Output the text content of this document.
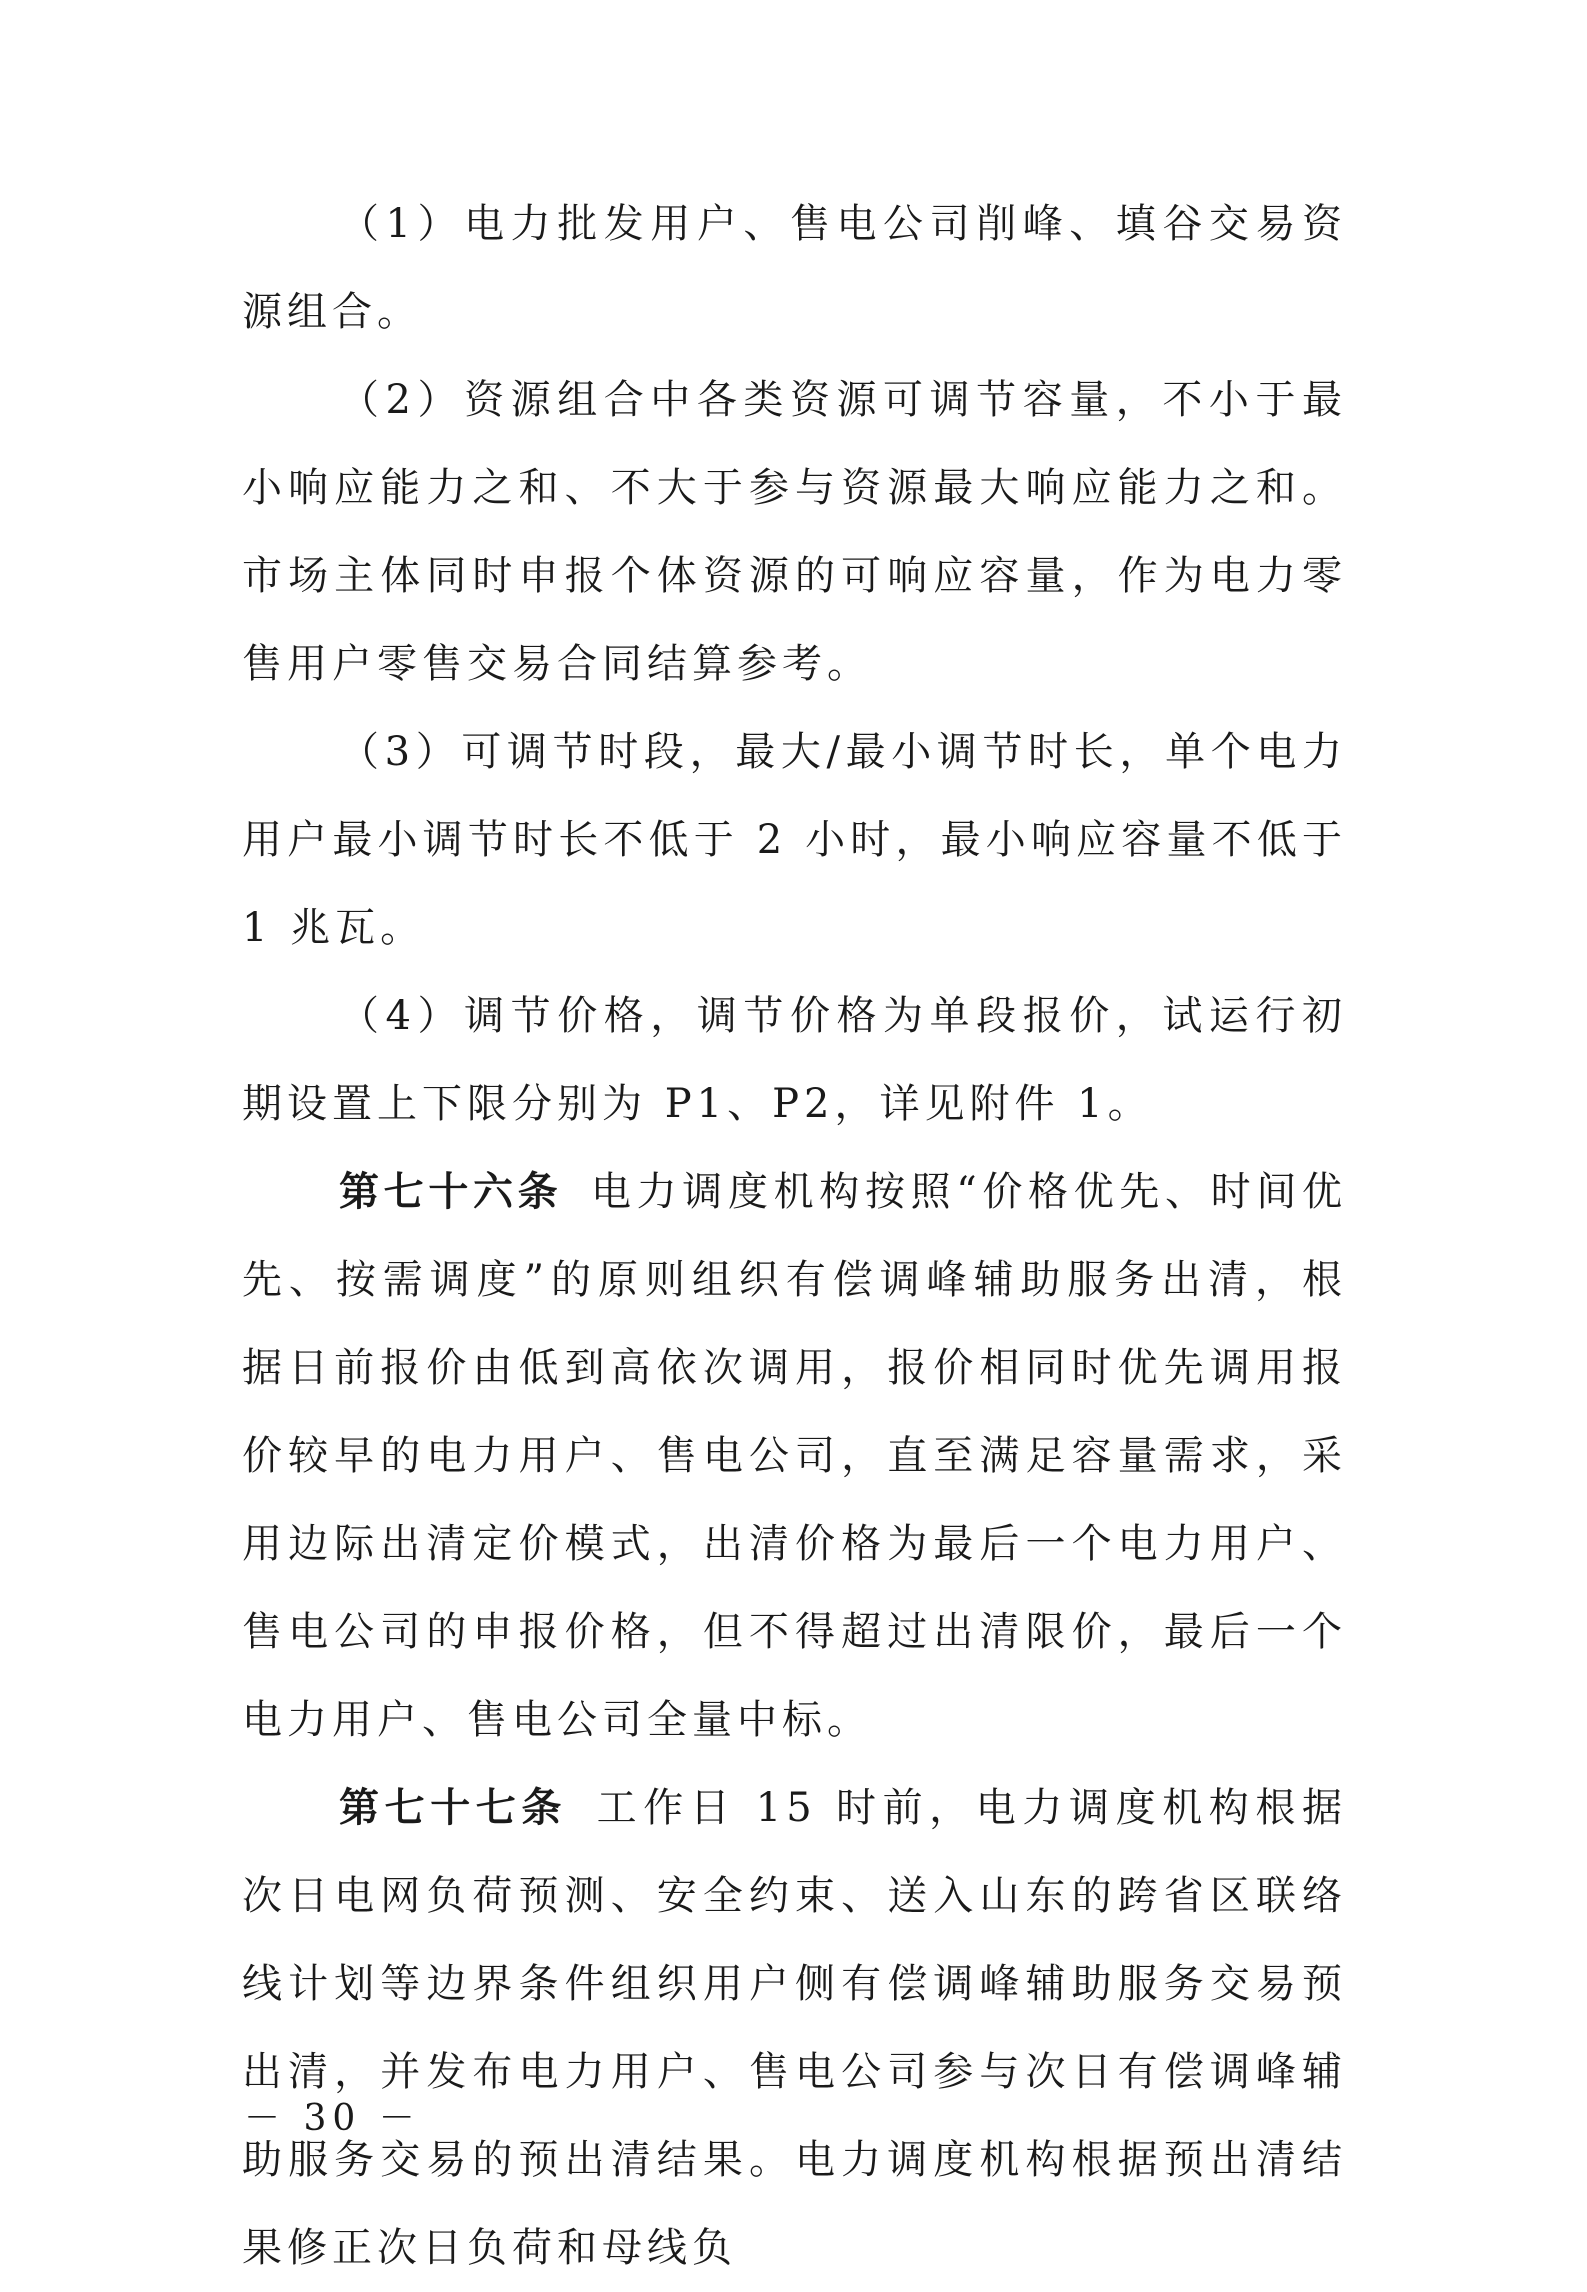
（1）电力批发用户、售电公司削峰、填谷交易资源组合。

（2）资源组合中各类资源可调节容量，不小于最小响应能力之和、不大于参与资源最大响应能力之和。市场主体同时申报个体资源的可响应容量，作为电力零售用户零售交易合同结算参考。

（3）可调节时段，最大/最小调节时长，单个电力用户最小调节时长不低于 2 小时，最小响应容量不低于 1 兆瓦。

（4）调节价格，调节价格为单段报价，试运行初期设置上下限分别为 P1、P2，详见附件 1。

第七十六条 电力调度机构按照“价格优先、时间优先、按需调度”的原则组织有偿调峰辅助服务出清，根据日前报价由低到高依次调用，报价相同时优先调用报价较早的电力用户、售电公司，直至满足容量需求，采用边际出清定价模式，出清价格为最后一个电力用户、售电公司的申报价格，但不得超过出清限价，最后一个电力用户、售电公司全量中标。

第七十七条 工作日 15 时前，电力调度机构根据次日电网负荷预测、安全约束、送入山东的跨省区联络线计划等边界条件组织用户侧有偿调峰辅助服务交易预出清，并发布电力用户、售电公司参与次日有偿调峰辅助服务交易的预出清结果。电力调度机构根据预出清结果修正次日负荷和母线负

－ 30 －
